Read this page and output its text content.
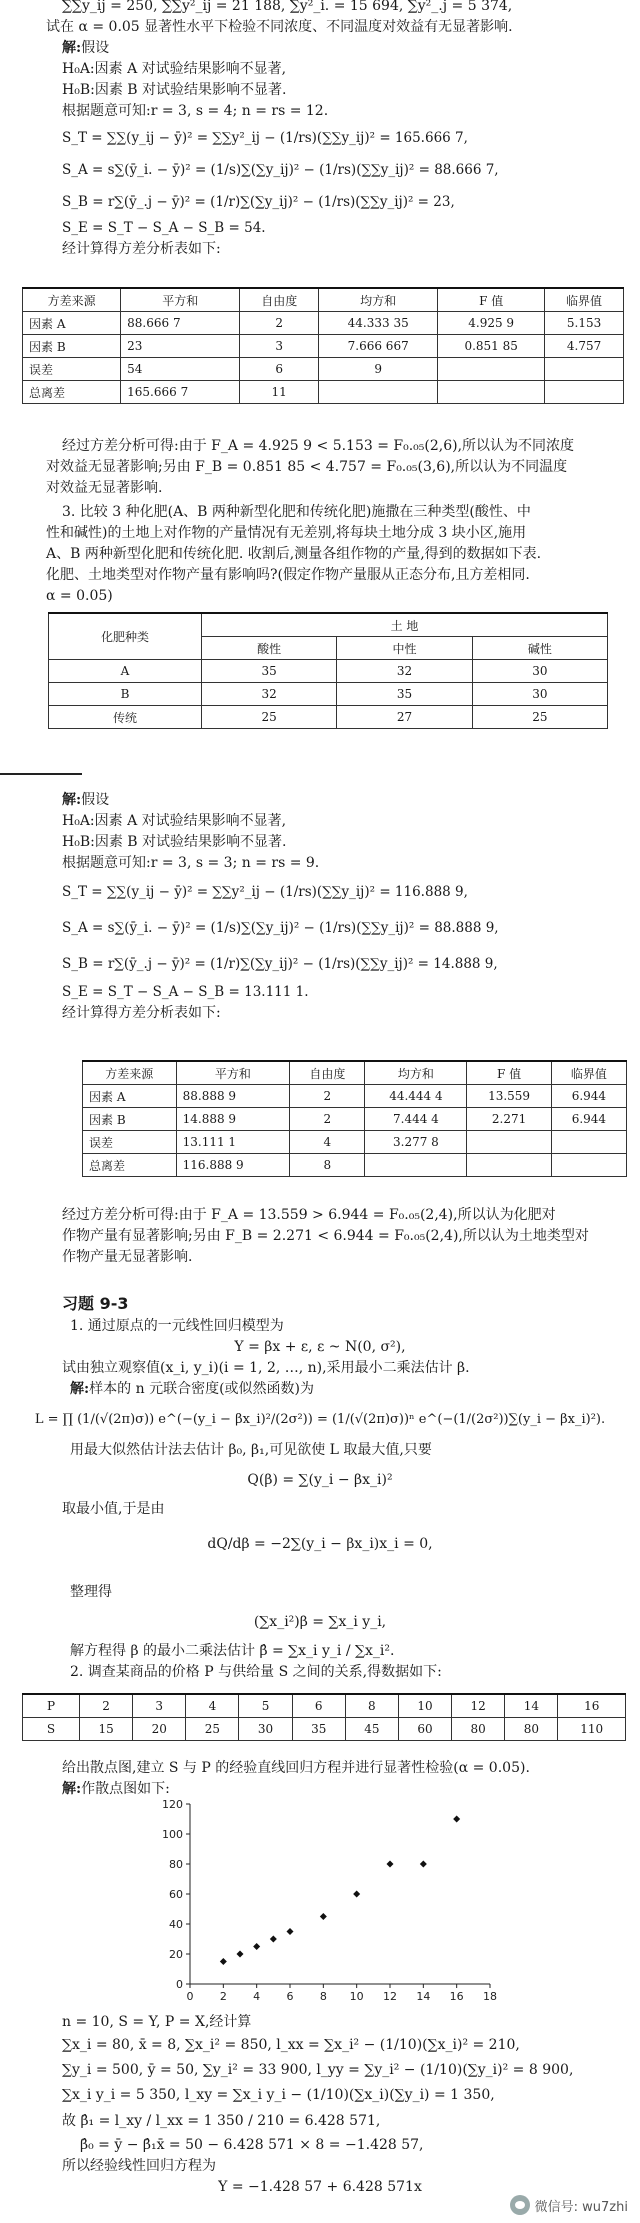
∑∑y_ij = 250, ∑∑y²_ij = 21 188, ∑y²_i. = 15 694, ∑y²_.j = 5 374,

试在 α = 0.05 显著性水平下检验不同浓度、不同温度对效益有无显著影响.

解:假设

H₀A:因素 A 对试验结果影响不显著,

H₀B:因素 B 对试验结果影响不显著.

根据题意可知:r = 3, s = 4; n = rs = 12.

S_T = ∑∑(y_ij − ȳ)² = ∑∑y²_ij − (1/rs)(∑∑y_ij)² = 165.666 7,

S_A = s∑(ȳ_i. − ȳ)² = (1/s)∑(∑y_ij)² − (1/rs)(∑∑y_ij)² = 88.666 7,

S_B = r∑(ȳ_.j − ȳ)² = (1/r)∑(∑y_ij)² − (1/rs)(∑∑y_ij)² = 23,

S_E = S_T − S_A − S_B = 54.

经计算得方差分析表如下:

方差来源	平方和	自由度	均方和	F 值	临界值
因素 A	88.666 7	2	44.333 35	4.925 9	5.153
因素 B	23	3	7.666 667	0.851 85	4.757
误差	54	6	9		
总离差	165.666 7	11			

经过方差分析可得:由于 F_A = 4.925 9 < 5.153 = F₀.₀₅(2,6),所以认为不同浓度

对效益无显著影响;另由 F_B = 0.851 85 < 4.757 = F₀.₀₅(3,6),所以认为不同温度

对效益无显著影响.

3. 比较 3 种化肥(A、B 两种新型化肥和传统化肥)施撒在三种类型(酸性、中

性和碱性)的土地上对作物的产量情况有无差别,将每块土地分成 3 块小区,施用

A、B 两种新型化肥和传统化肥. 收割后,测量各组作物的产量,得到的数据如下表.

化肥、土地类型对作物产量有影响吗?(假定作物产量服从正态分布,且方差相同.

α = 0.05)

化肥种类	土 地		
	酸性	中性	碱性
A	35	32	30
B	32	35	30
传统	25	27	25

解:假设

H₀A:因素 A 对试验结果影响不显著,

H₀B:因素 B 对试验结果影响不显著.

根据题意可知:r = 3, s = 3; n = rs = 9.

S_T = ∑∑(y_ij − ȳ)² = ∑∑y²_ij − (1/rs)(∑∑y_ij)² = 116.888 9,

S_A = s∑(ȳ_i. − ȳ)² = (1/s)∑(∑y_ij)² − (1/rs)(∑∑y_ij)² = 88.888 9,

S_B = r∑(ȳ_.j − ȳ)² = (1/r)∑(∑y_ij)² − (1/rs)(∑∑y_ij)² = 14.888 9,

S_E = S_T − S_A − S_B = 13.111 1.

经计算得方差分析表如下:

方差来源	平方和	自由度	均方和	F 值	临界值
因素 A	88.888 9	2	44.444 4	13.559	6.944
因素 B	14.888 9	2	7.444 4	2.271	6.944
误差	13.111 1	4	3.277 8		
总离差	116.888 9	8			

经过方差分析可得:由于 F_A = 13.559 > 6.944 = F₀.₀₅(2,4),所以认为化肥对

作物产量有显著影响;另由 F_B = 2.271 < 6.944 = F₀.₀₅(2,4),所以认为土地类型对

作物产量无显著影响.

习题 9-3

1. 通过原点的一元线性回归模型为

Y = βx + ε, ε ~ N(0, σ²),

试由独立观察值(x_i, y_i)(i = 1, 2, …, n),采用最小二乘法估计 β.

解:样本的 n 元联合密度(或似然函数)为

L = ∏ (1/(√(2π)σ)) e^(−(y_i − βx_i)²/(2σ²)) = (1/(√(2π)σ))ⁿ e^(−(1/(2σ²))∑(y_i − βx_i)²).

用最大似然估计法去估计 β₀, β₁,可见欲使 L 取最大值,只要

Q(β) = ∑(y_i − βx_i)²

取最小值,于是由

dQ/dβ = −2∑(y_i − βx_i)x_i = 0,

整理得

(∑x_i²)β = ∑x_i y_i,

解方程得 β 的最小二乘法估计 β̂ = ∑x_i y_i / ∑x_i².

2. 调查某商品的价格 P 与供给量 S 之间的关系,得数据如下:

P	2	3	4	5	6	8	10	12	14	16
S	15	20	25	30	35	45	60	80	80	110

给出散点图,建立 S 与 P 的经验直线回归方程并进行显著性检验(α = 0.05).

解:作散点图如下:

0 2 4 6 8 10 12 14 16 18
0
20
40
60
80
100
120

n = 10, S = Y, P = X,经计算

∑x_i = 80, x̄ = 8, ∑x_i² = 850, l_xx = ∑x_i² − (1/10)(∑x_i)² = 210,

∑y_i = 500, ȳ = 50, ∑y_i² = 33 900, l_yy = ∑y_i² − (1/10)(∑y_i)² = 8 900,

∑x_i y_i = 5 350, l_xy = ∑x_i y_i − (1/10)(∑x_i)(∑y_i) = 1 350,

故 β̂₁ = l_xy / l_xx = 1 350 / 210 = 6.428 571,

β̂₀ = ȳ − β̂₁x̄ = 50 − 6.428 571 × 8 = −1.428 57,

所以经验线性回归方程为

Y = −1.428 57 + 6.428 571x

微信号: wu7zhi
